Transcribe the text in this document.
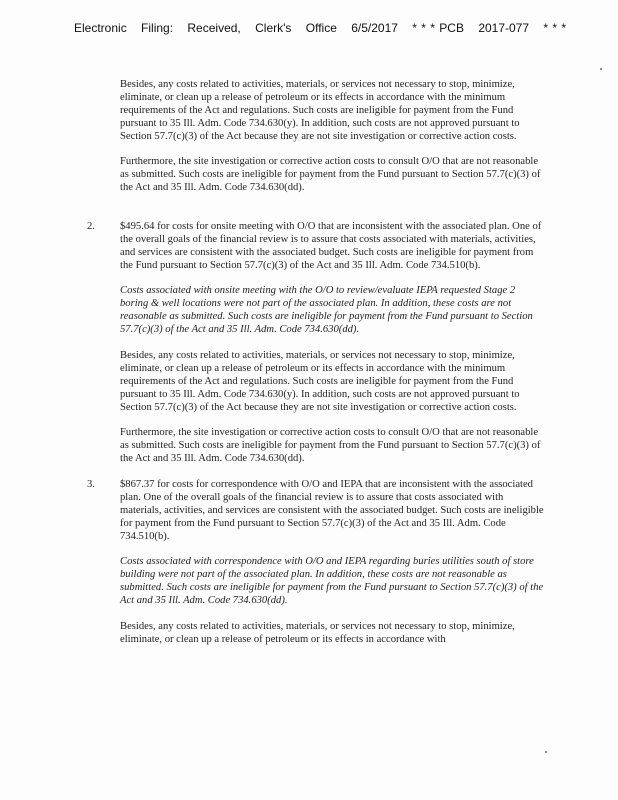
Electronic Filing: Received, Clerk's Office 6/5/2017 * * * PCB 2017-077 * * *

Besides, any costs related to activities, materials, or services not necessary to stop, minimize, eliminate, or clean up a release of petroleum or its effects in accordance with the minimum requirements of the Act and regulations. Such costs are ineligible for payment from the Fund pursuant to 35 Ill. Adm. Code 734.630(y). In addition, such costs are not approved pursuant to Section 57.7(c)(3) of the Act because they are not site investigation or corrective action costs.

Furthermore, the site investigation or corrective action costs to consult O/O that are not reasonable as submitted. Such costs are ineligible for payment from the Fund pursuant to Section 57.7(c)(3) of the Act and 35 Ill. Adm. Code 734.630(dd).

2. $495.64 for costs for onsite meeting with O/O that are inconsistent with the associated plan. One of the overall goals of the financial review is to assure that costs associated with materials, activities, and services are consistent with the associated budget. Such costs are ineligible for payment from the Fund pursuant to Section 57.7(c)(3) of the Act and 35 Ill. Adm. Code 734.510(b).

Costs associated with onsite meeting with the O/O to review/evaluate IEPA requested Stage 2 boring & well locations were not part of the associated plan. In addition, these costs are not reasonable as submitted. Such costs are ineligible for payment from the Fund pursuant to Section 57.7(c)(3) of the Act and 35 Ill. Adm. Code 734.630(dd).

Besides, any costs related to activities, materials, or services not necessary to stop, minimize, eliminate, or clean up a release of petroleum or its effects in accordance with the minimum requirements of the Act and regulations. Such costs are ineligible for payment from the Fund pursuant to 35 Ill. Adm. Code 734.630(y). In addition, such costs are not approved pursuant to Section 57.7(c)(3) of the Act because they are not site investigation or corrective action costs.

Furthermore, the site investigation or corrective action costs to consult O/O that are not reasonable as submitted. Such costs are ineligible for payment from the Fund pursuant to Section 57.7(c)(3) of the Act and 35 Ill. Adm. Code 734.630(dd).

3. $867.37 for costs for correspondence with O/O and IEPA that are inconsistent with the associated plan. One of the overall goals of the financial review is to assure that costs associated with materials, activities, and services are consistent with the associated budget. Such costs are ineligible for payment from the Fund pursuant to Section 57.7(c)(3) of the Act and 35 Ill. Adm. Code 734.510(b).

Costs associated with correspondence with O/O and IEPA regarding buries utilities south of store building were not part of the associated plan. In addition, these costs are not reasonable as submitted. Such costs are ineligible for payment from the Fund pursuant to Section 57.7(c)(3) of the Act and 35 Ill. Adm. Code 734.630(dd).

Besides, any costs related to activities, materials, or services not necessary to stop, minimize, eliminate, or clean up a release of petroleum or its effects in accordance with
